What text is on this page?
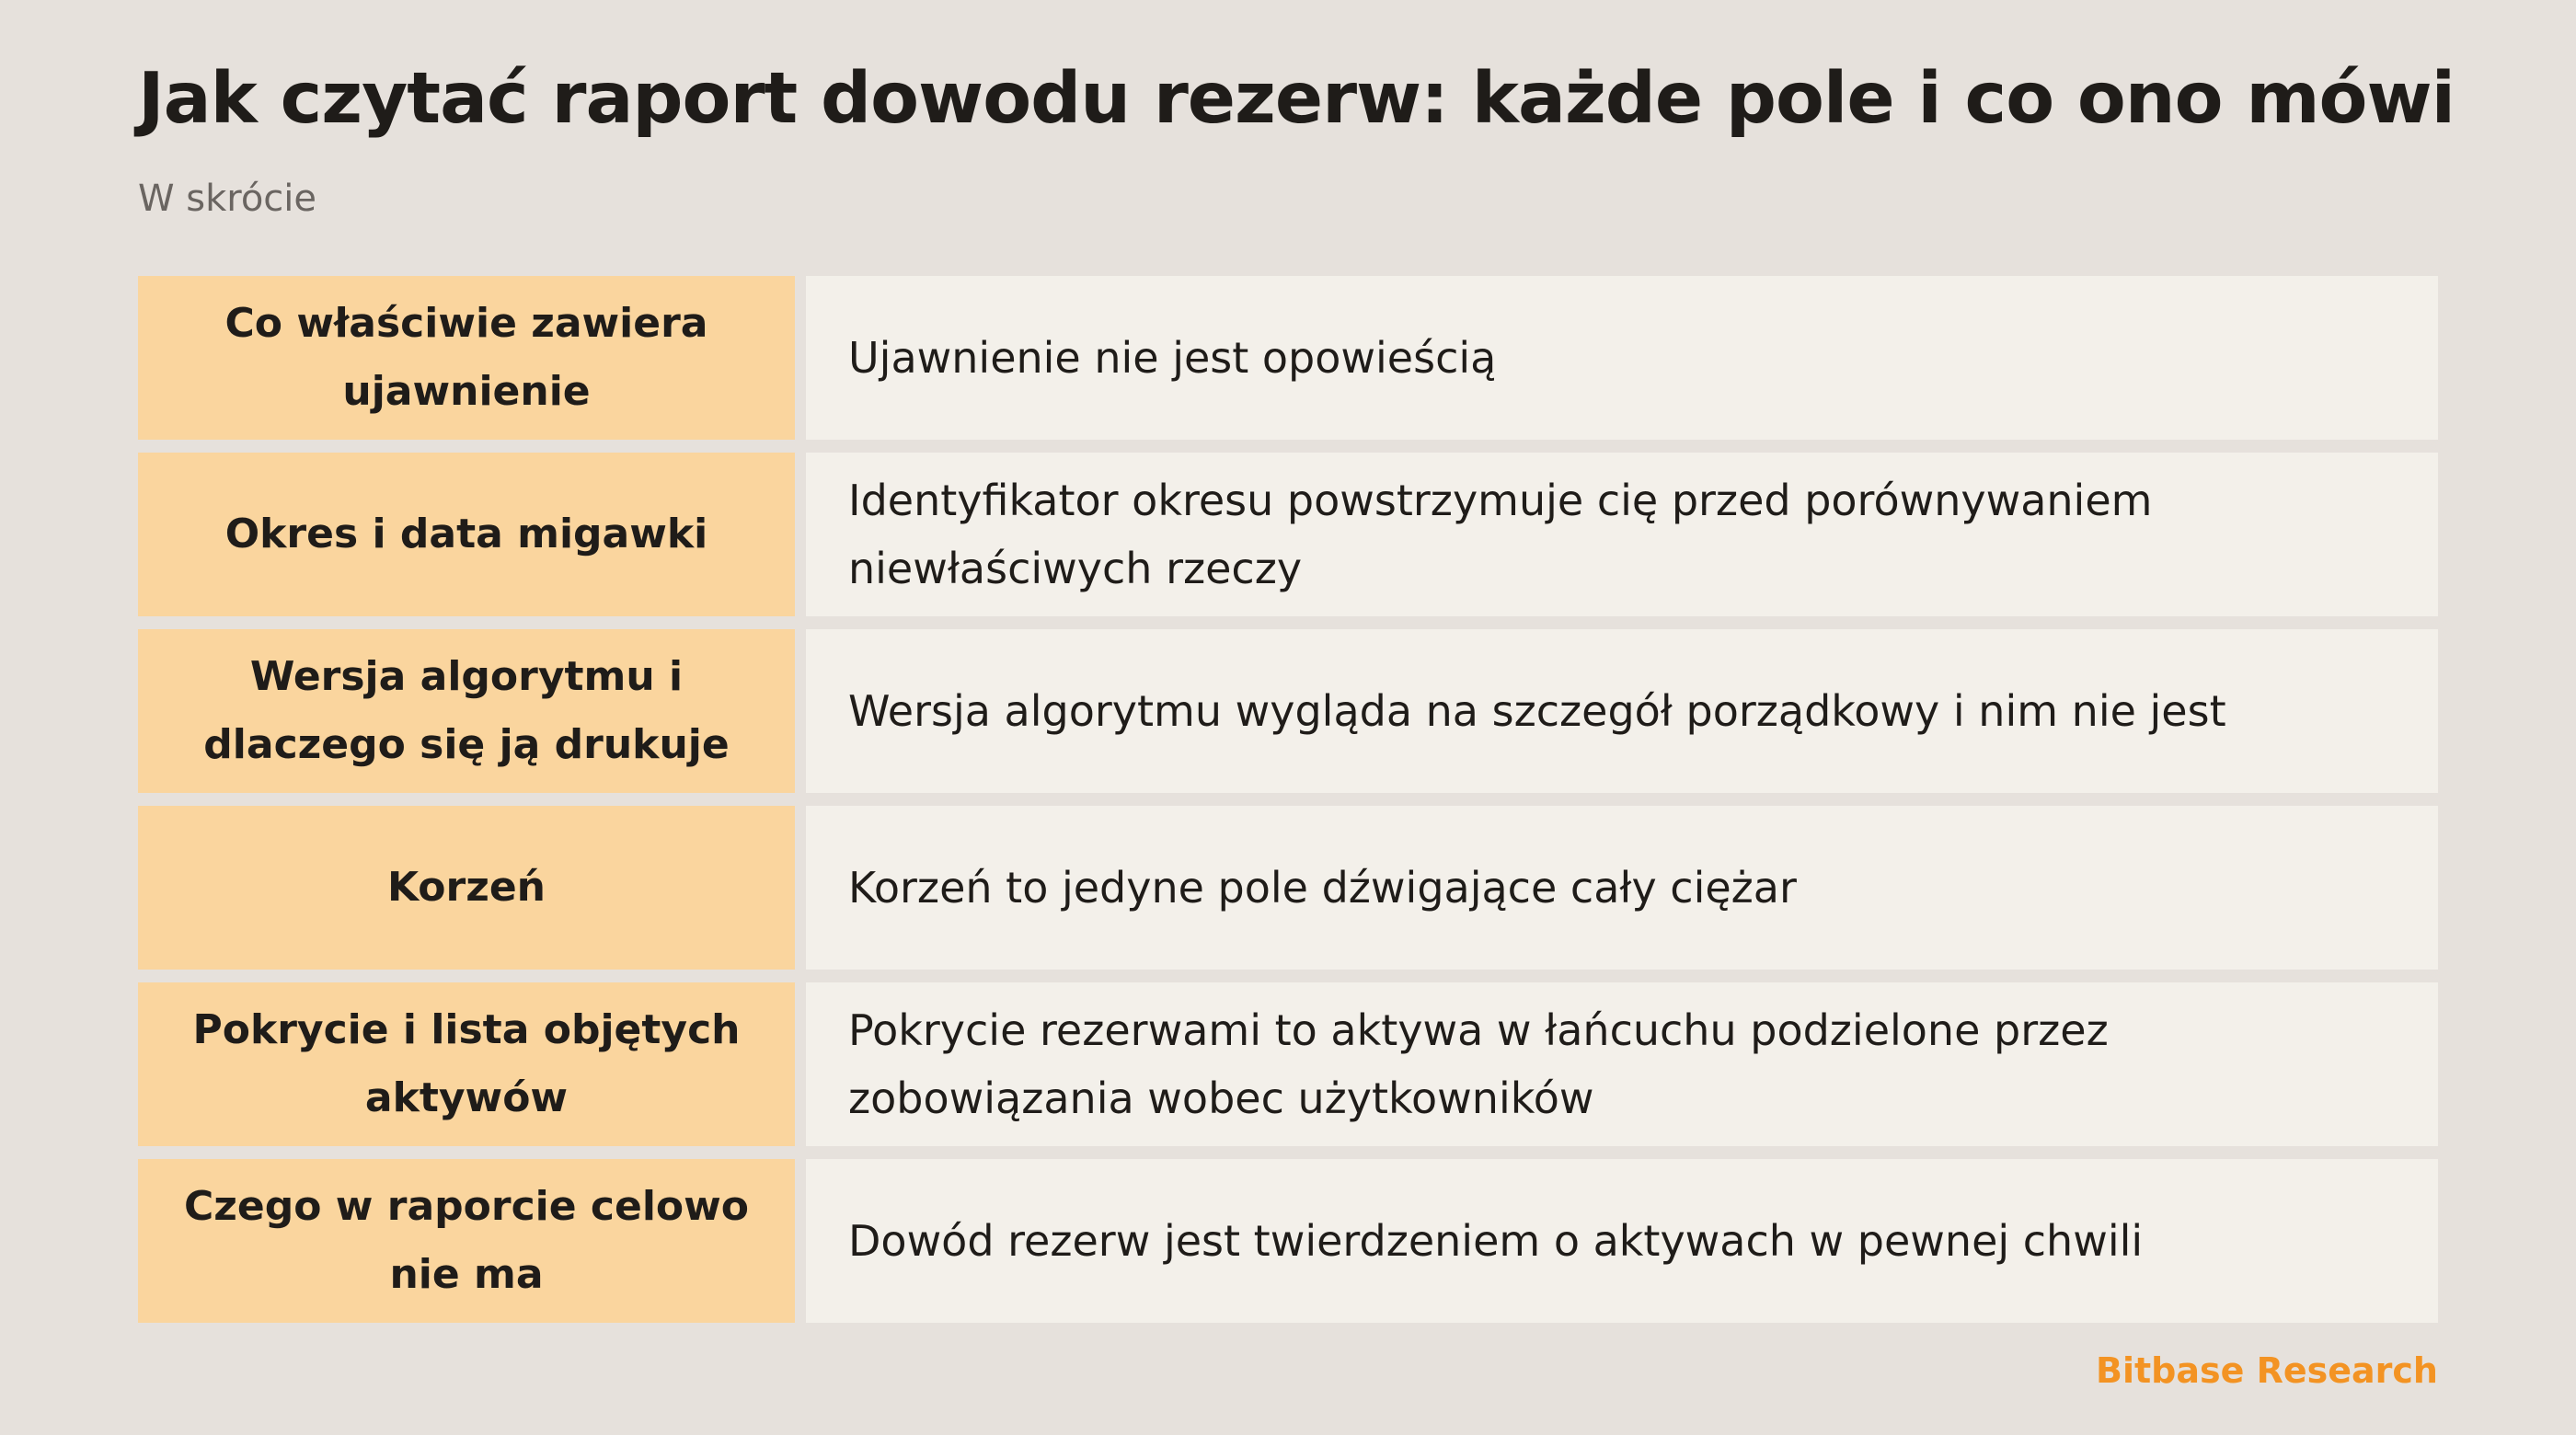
Jak czytać raport dowodu rezerw: każde pole i co ono mówi

W skrócie

Co właściwie zawiera ujawnienie
Ujawnienie nie jest opowieścią
Okres i data migawki
Identyfikator okresu powstrzymuje cię przed porównywaniem niewłaściwych rzeczy
Wersja algorytmu i dlaczego się ją drukuje
Wersja algorytmu wygląda na szczegół porządkowy i nim nie jest
Korzeń	Korzeń to jedyne pole dźwigające cały ciężar
Pokrycie i lista objętych aktywów
Pokrycie rezerwami to aktywa w łańcuchu podzielone przez zobowiązania wobec użytkowników
Czego w raporcie celowo nie ma
Dowód rezerw jest twierdzeniem o aktywach w pewnej chwili
Bitbase Research
